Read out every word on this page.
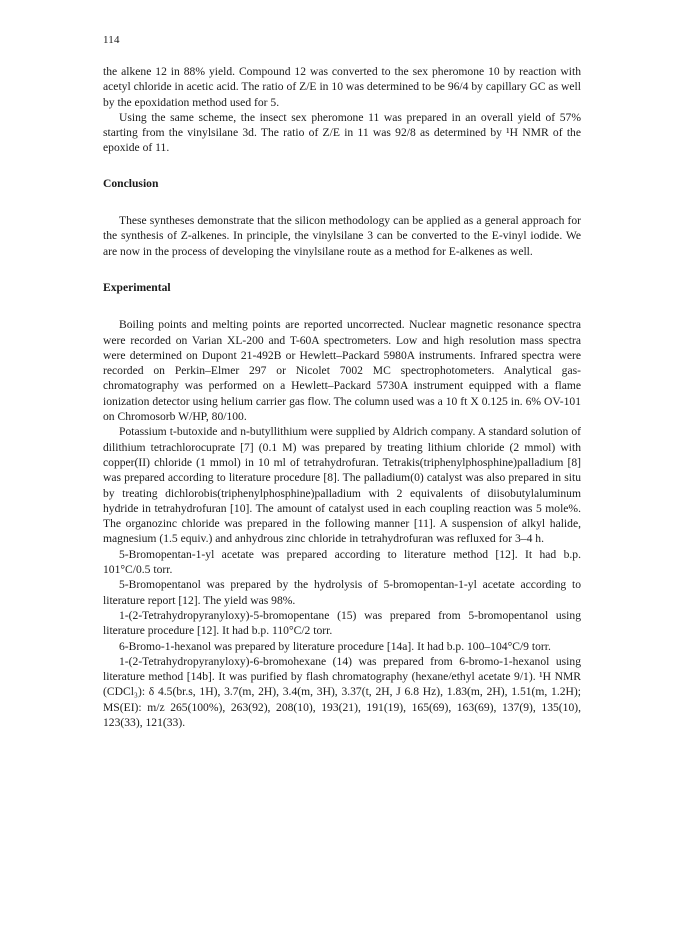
114

the alkene 12 in 88% yield. Compound 12 was converted to the sex pheromone 10 by reaction with acetyl chloride in acetic acid. The ratio of Z/E in 10 was determined to be 96/4 by capillary GC as well by the epoxidation method used for 5.

Using the same scheme, the insect sex pheromone 11 was prepared in an overall yield of 57% starting from the vinylsilane 3d. The ratio of Z/E in 11 was 92/8 as determined by ¹H NMR of the epoxide of 11.

Conclusion

These syntheses demonstrate that the silicon methodology can be applied as a general approach for the synthesis of Z-alkenes. In principle, the vinylsilane 3 can be converted to the E-vinyl iodide. We are now in the process of developing the vinylsilane route as a method for E-alkenes as well.

Experimental

Boiling points and melting points are reported uncorrected. Nuclear magnetic resonance spectra were recorded on Varian XL-200 and T-60A spectrometers. Low and high resolution mass spectra were determined on Dupont 21-492B or Hewlett–Packard 5980A instruments. Infrared spectra were recorded on Perkin–Elmer 297 or Nicolet 7002 MC spectrophotometers. Analytical gas-chromatography was performed on a Hewlett–Packard 5730A instrument equipped with a flame ionization detector using helium carrier gas flow. The column used was a 10 ft X 0.125 in. 6% OV-101 on Chromosorb W/HP, 80/100.

Potassium t-butoxide and n-butyllithium were supplied by Aldrich company. A standard solution of dilithium tetrachlorocuprate [7] (0.1 M) was prepared by treating lithium chloride (2 mmol) with copper(II) chloride (1 mmol) in 10 ml of tetrahydrofuran. Tetrakis(triphenylphosphine)palladium [8] was prepared according to literature procedure [8]. The palladium(0) catalyst was also prepared in situ by treating dichlorobis(triphenylphosphine)palladium with 2 equivalents of diisobutylaluminum hydride in tetrahydrofuran [10]. The amount of catalyst used in each coupling reaction was 5 mole%. The organozinc chloride was prepared in the following manner [11]. A suspension of alkyl halide, magnesium (1.5 equiv.) and anhydrous zinc chloride in tetrahydrofuran was refluxed for 3–4 h.

5-Bromopentan-1-yl acetate was prepared according to literature method [12]. It had b.p. 101°C/0.5 torr.

5-Bromopentanol was prepared by the hydrolysis of 5-bromopentan-1-yl acetate according to literature report [12]. The yield was 98%.

1-(2-Tetrahydropyranyloxy)-5-bromopentane (15) was prepared from 5-bromopentanol using literature procedure [12]. It had b.p. 110°C/2 torr.

6-Bromo-1-hexanol was prepared by literature procedure [14a]. It had b.p. 100–104°C/9 torr.

1-(2-Tetrahydropyranyloxy)-6-bromohexane (14) was prepared from 6-bromo-1-hexanol using literature method [14b]. It was purified by flash chromatography (hexane/ethyl acetate 9/1). ¹H NMR (CDCl₃): δ 4.5(br.s, 1H), 3.7(m, 2H), 3.4(m, 3H), 3.37(t, 2H, J 6.8 Hz), 1.83(m, 2H), 1.51(m, 1.2H); MS(EI): m/z 265(100%), 263(92), 208(10), 193(21), 191(19), 165(69), 163(69), 137(9), 135(10), 123(33), 121(33).
